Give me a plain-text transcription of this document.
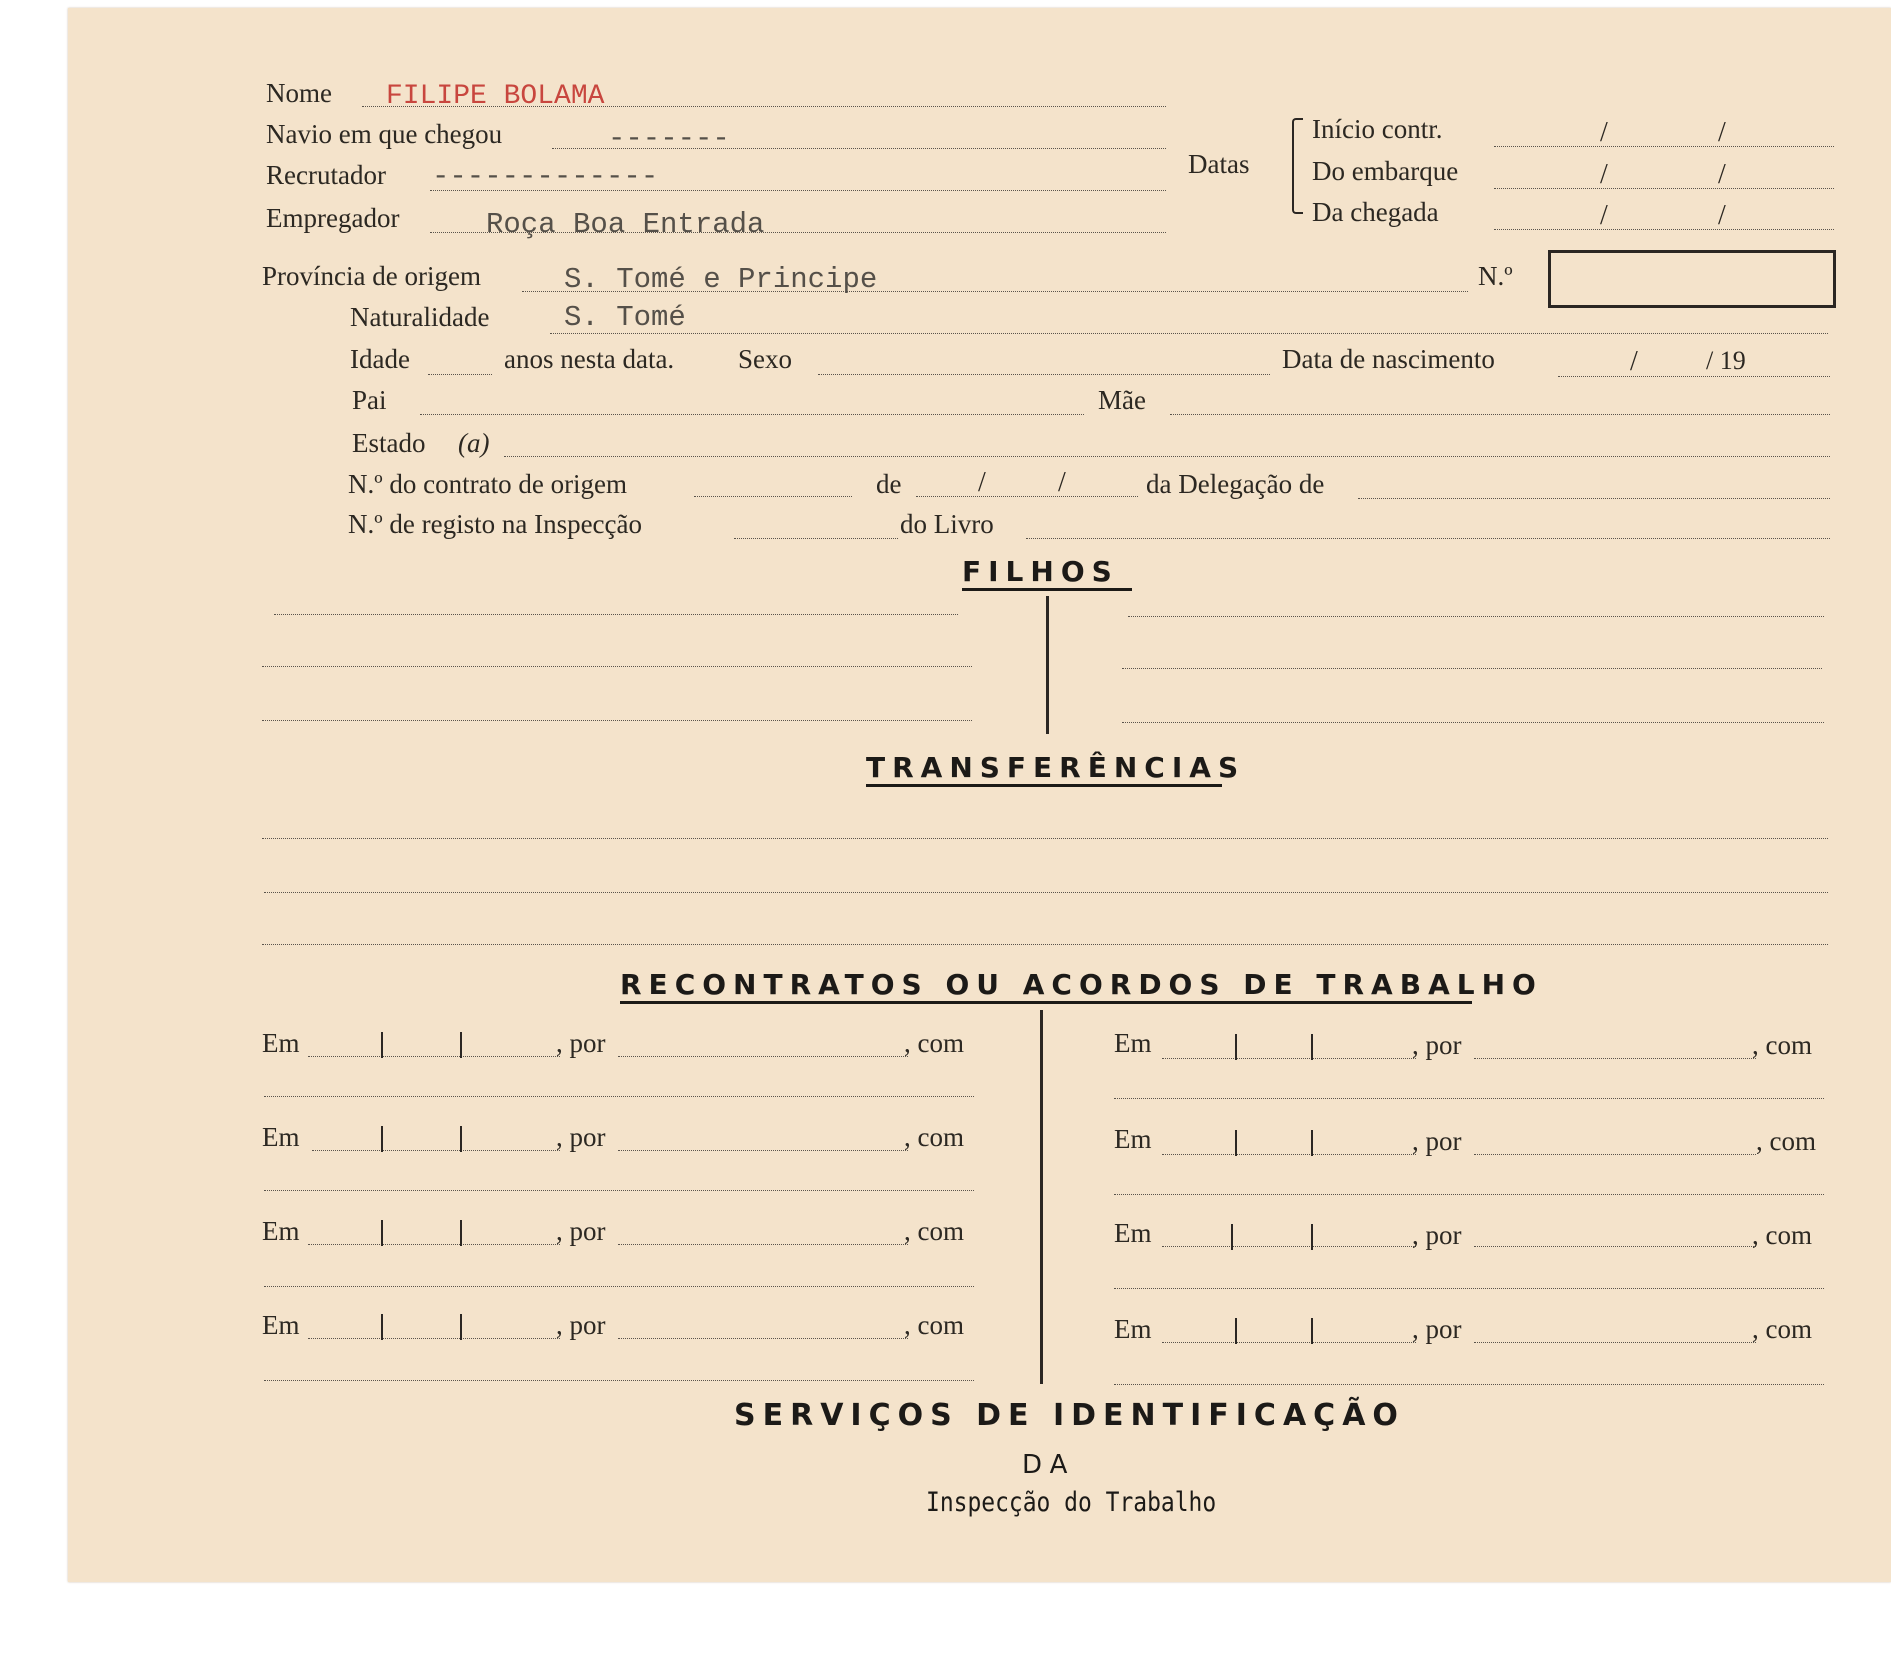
Nome FILIPE BOLAMA
Navio em que chegou	-------
Recrutador -------------
Empregador	Roça Boa Entrada
Datas
Início contr.	/	/
Do embarque	/	/
Da chegada	/	/
Província de origem	S. Tomé e Principe	N.º
Naturalidade	S. Tomé
Idade	anos nesta data. Sexo	Data de nascimento	/	/ 19
Pai	Mãe
Estado (a)
N.º do contrato de origem	de	/	/	da Delegação de
N.º de registo na Inspecção	do Livro
FILHOS
TRANSFERÊNCIAS
RECONTRATOS OU ACORDOS DE TRABALHO
Em	, por	, com
Em	, por	, com
Em	, por	, com
Em	, por	, com
Em	, por	, com
Em	, por	, com
Em	, por	, com
Em	, por	, com
SERVIÇOS DE IDENTIFICAÇÃO
DA
Inspecção do Trabalho
